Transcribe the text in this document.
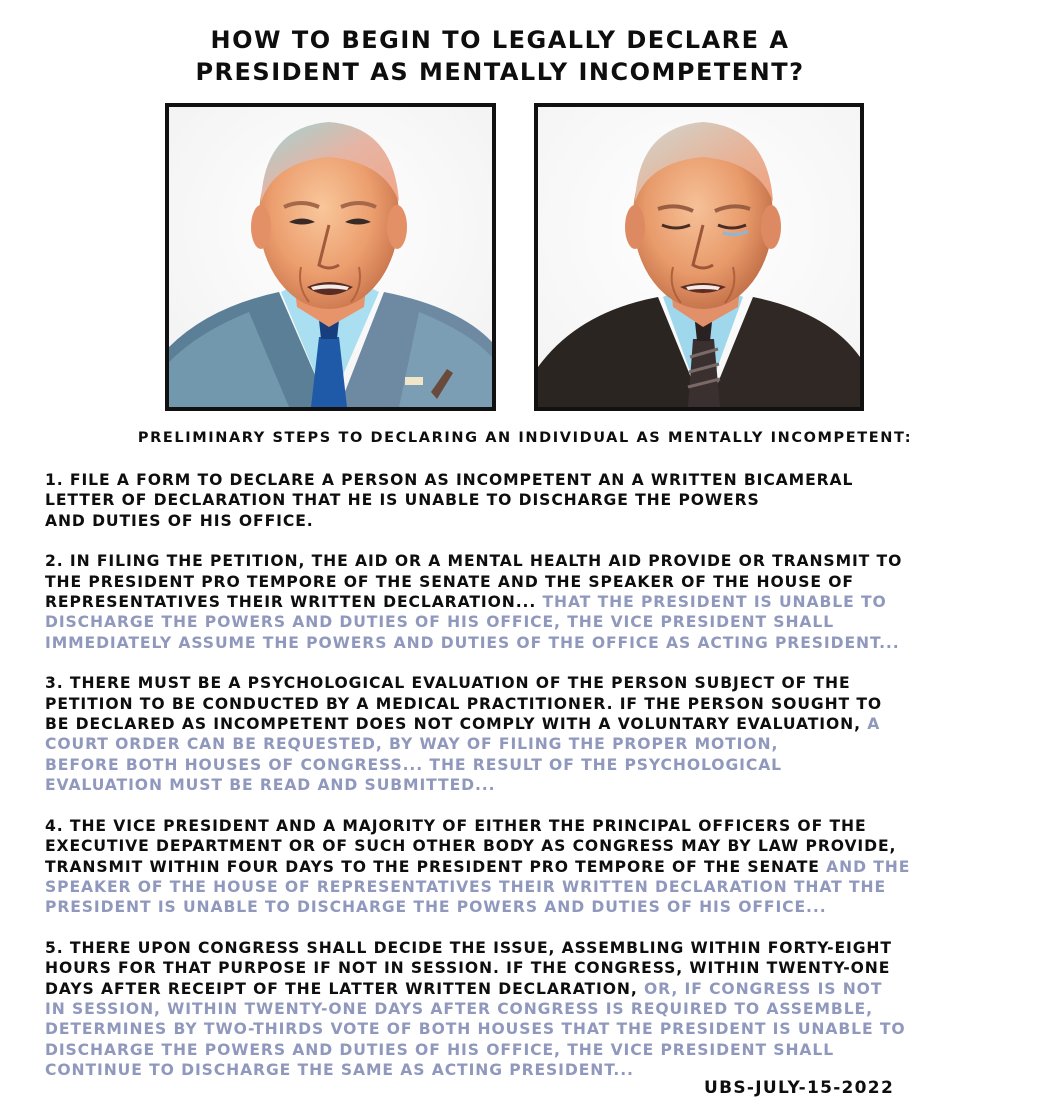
HOW TO BEGIN TO LEGALLY DECLARE A
PRESIDENT AS MENTALLY INCOMPETENT?
PRELIMINARY STEPS TO DECLARING AN INDIVIDUAL AS MENTALLY INCOMPETENT:
1. FILE A FORM TO DECLARE A PERSON AS INCOMPETENT AN A WRITTEN BICAMERAL
LETTER OF DECLARATION THAT HE IS UNABLE TO DISCHARGE THE POWERS
AND DUTIES OF HIS OFFICE.
2. IN FILING THE PETITION, THE AID OR A MENTAL HEALTH AID PROVIDE OR TRANSMIT TO
THE PRESIDENT PRO TEMPORE OF THE SENATE AND THE SPEAKER OF THE HOUSE OF
REPRESENTATIVES THEIR WRITTEN DECLARATION... THAT THE PRESIDENT IS UNABLE TO
DISCHARGE THE POWERS AND DUTIES OF HIS OFFICE, THE VICE PRESIDENT SHALL
IMMEDIATELY ASSUME THE POWERS AND DUTIES OF THE OFFICE AS ACTING PRESIDENT...
3. THERE MUST BE A PSYCHOLOGICAL EVALUATION OF THE PERSON SUBJECT OF THE
PETITION TO BE CONDUCTED BY A MEDICAL PRACTITIONER. IF THE PERSON SOUGHT TO
BE DECLARED AS INCOMPETENT DOES NOT COMPLY WITH A VOLUNTARY EVALUATION, A
COURT ORDER CAN BE REQUESTED, BY WAY OF FILING THE PROPER MOTION,
BEFORE BOTH HOUSES OF CONGRESS... THE RESULT OF THE PSYCHOLOGICAL
EVALUATION MUST BE READ AND SUBMITTED...
4. THE VICE PRESIDENT AND A MAJORITY OF EITHER THE PRINCIPAL OFFICERS OF THE
EXECUTIVE DEPARTMENT OR OF SUCH OTHER BODY AS CONGRESS MAY BY LAW PROVIDE,
TRANSMIT WITHIN FOUR DAYS TO THE PRESIDENT PRO TEMPORE OF THE SENATE AND THE
SPEAKER OF THE HOUSE OF REPRESENTATIVES THEIR WRITTEN DECLARATION THAT THE
PRESIDENT IS UNABLE TO DISCHARGE THE POWERS AND DUTIES OF HIS OFFICE...
5. THERE UPON CONGRESS SHALL DECIDE THE ISSUE, ASSEMBLING WITHIN FORTY-EIGHT
HOURS FOR THAT PURPOSE IF NOT IN SESSION. IF THE CONGRESS, WITHIN TWENTY-ONE
DAYS AFTER RECEIPT OF THE LATTER WRITTEN DECLARATION, OR, IF CONGRESS IS NOT
IN SESSION, WITHIN TWENTY-ONE DAYS AFTER CONGRESS IS REQUIRED TO ASSEMBLE,
DETERMINES BY TWO-THIRDS VOTE OF BOTH HOUSES THAT THE PRESIDENT IS UNABLE TO
DISCHARGE THE POWERS AND DUTIES OF HIS OFFICE, THE VICE PRESIDENT SHALL
CONTINUE TO DISCHARGE THE SAME AS ACTING PRESIDENT...
UBS-JULY-15-2022
